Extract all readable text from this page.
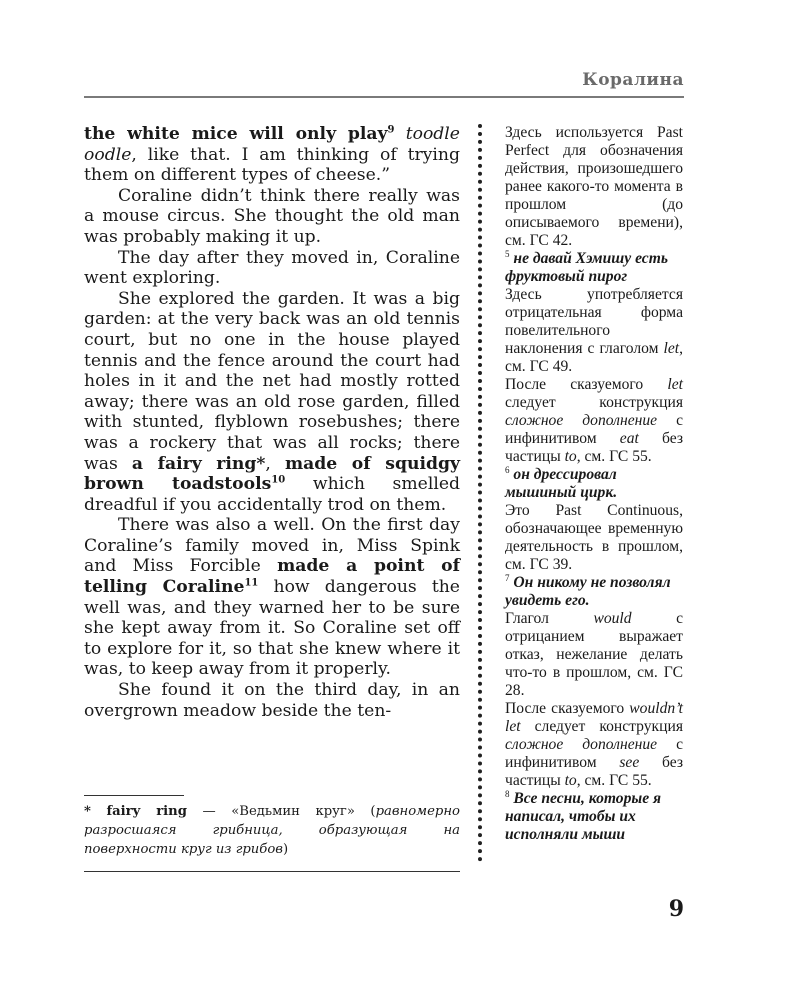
Коралина

the white mice will only play$^9$ toodle oodle, like that. I am thinking of trying them on different types of cheese.”

Coraline didn’t think there really was a mouse circus. She thought the old man was probably making it up.

The day after they moved in, Coraline went exploring.

She explored the garden. It was a big garden: at the very back was an old tennis court, but no one in the house played tennis and the fence around the court had holes in it and the net had mostly rotted away; there was an old rose garden, filled with stunted, flyblown rosebushes; there was a rockery that was all rocks; there was a fairy ring*, made of squidgy brown toadstools$^{10}$ which smelled dreadful if you accidentally trod on them.

There was also a well. On the first day Coraline’s family moved in, Miss Spink and Miss Forcible made a point of telling Coraline$^{11}$ how dangerous the well was, and they warned her to be sure she kept away from it. So Coraline set off to explore for it, so that she knew where it was, to keep away from it properly.

She found it on the third day, in an overgrown meadow beside the ten-

Здесь используется Past Perfect для обозначения действия, произошедшего ранее какого-то момента в прошлом (до описываемого времени), см. ГС 42.

$^5$ не давай Хэмишу есть фруктовый пирог

Здесь употребляется отрицательная форма повелительного наклонения с глаголом let, см. ГС 49.

После сказуемого let следует конструкция сложное дополнение с инфинитивом eat без частицы to, см. ГС 55.

$^6$ он дрессировал мышиный цирк.

Это Past Continuous, обозначающее временную деятельность в прошлом, см. ГС 39.

$^7$ Он никому не позволял увидеть его.

Глагол would с отрицанием выражает отказ, нежелание делать что-то в прошлом, см. ГС 28.

После сказуемого wouldn’t let следует конструкция сложное дополнение с инфинитивом see без частицы to, см. ГС 55.

$^8$ Все песни, которые я написал, чтобы их исполняли мыши

* fairy ring — «Ведьмин круг» (равномерно разросшаяся грибница, образующая на поверхности круг из грибов)
9
